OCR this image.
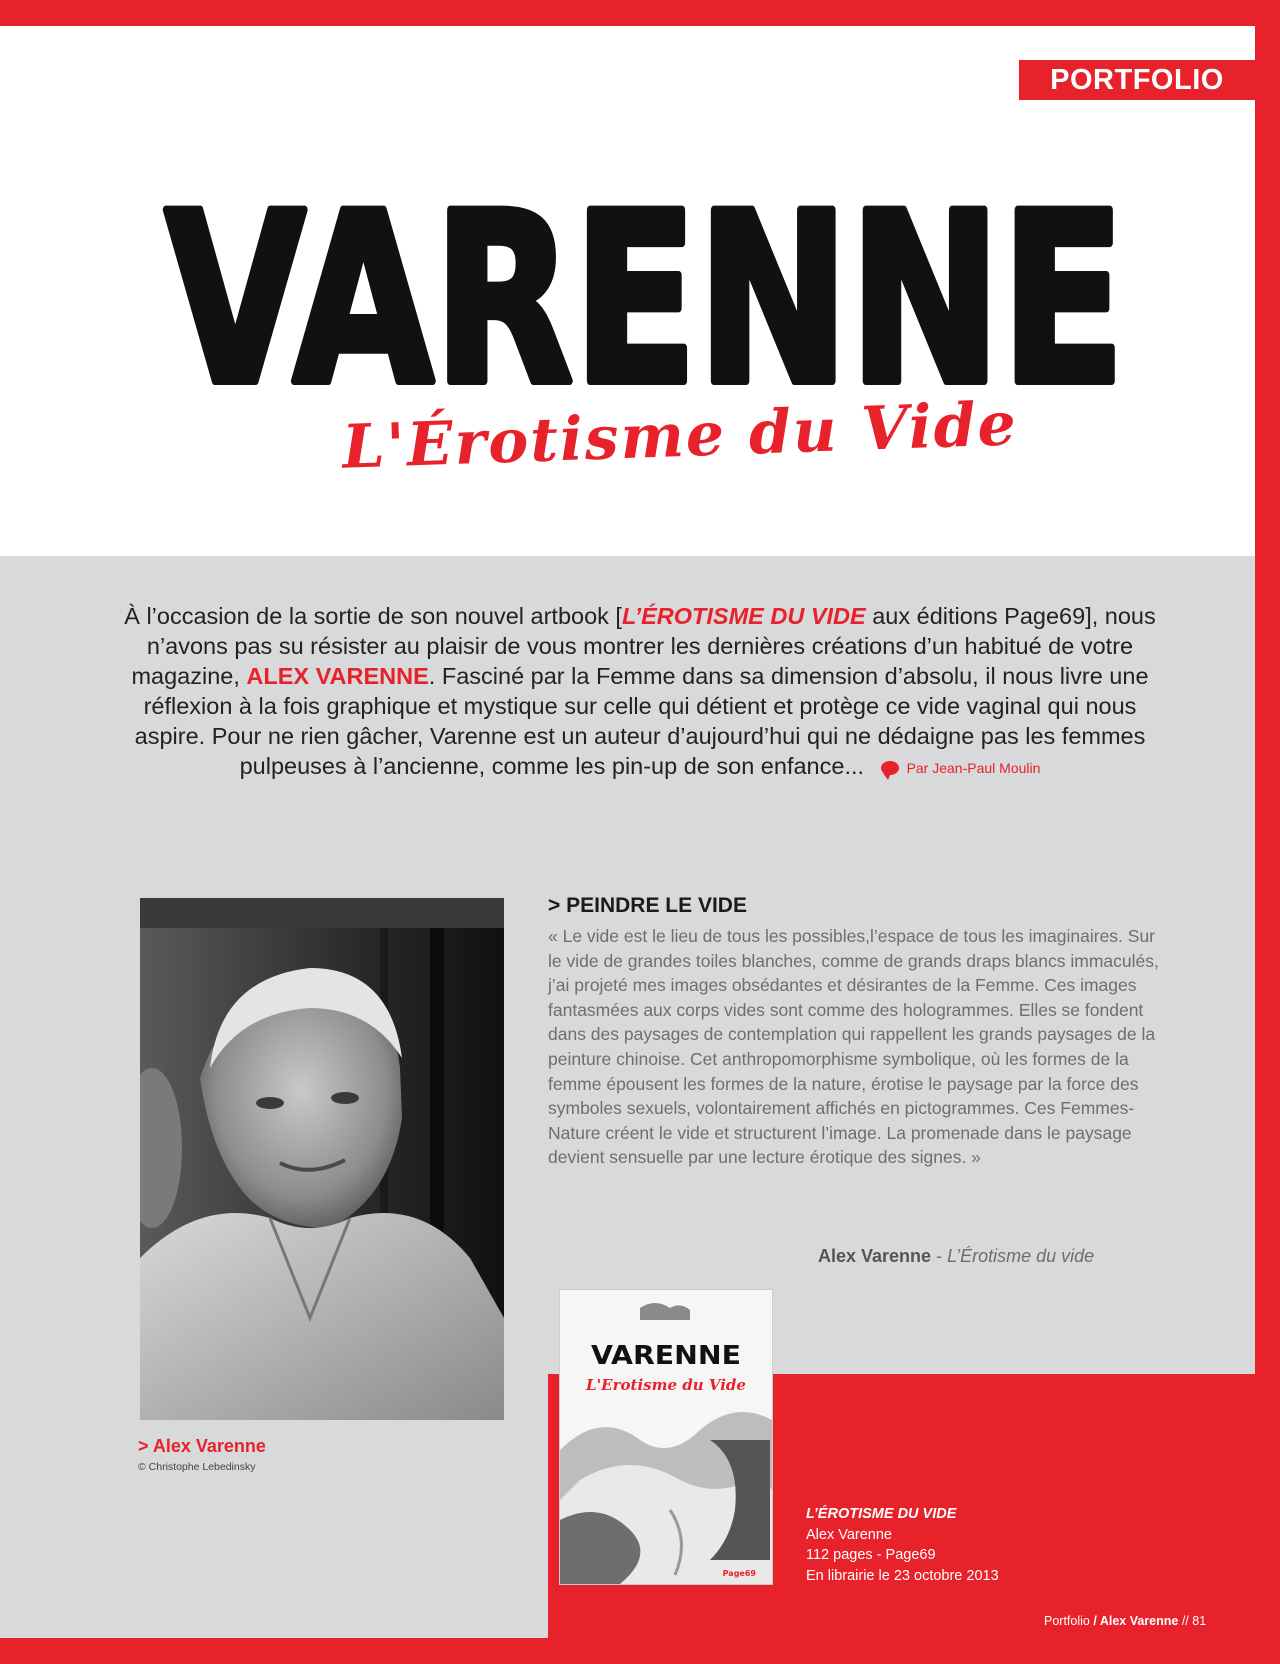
PORTFOLIO
VARENNE
L'Érotisme du Vide
À l’occasion de la sortie de son nouvel artbook [L’ÉROTISME DU VIDE aux éditions Page69], nous n’avons pas su résister au plaisir de vous montrer les dernières créations d’un habitué de votre magazine, ALEX VARENNE. Fasciné par la Femme dans sa dimension d’absolu, il nous livre une réflexion à la fois graphique et mystique sur celle qui détient et protège ce vide vaginal qui nous aspire. Pour ne rien gâcher, Varenne est un auteur d’aujourd’hui qui ne dédaigne pas les femmes pulpeuses à l’ancienne, comme les pin-up de son enfance...	Par Jean-Paul Moulin
> Alex Varenne
© Christophe Lebedinsky
> PEINDRE LE VIDE
« Le vide est le lieu de tous les possibles,l’espace de tous les imaginaires. Sur le vide de grandes toiles blanches, comme de grands draps blancs immaculés, j’ai projeté mes images obsédantes et désirantes de la Femme. Ces images fantasmées aux corps vides sont comme des hologrammes. Elles se fondent dans des paysages de contemplation qui rappellent les grands paysages de la peinture chinoise. Cet anthropomorphisme symbolique, où les formes de la femme épousent les formes de la nature, érotise le paysage par la force des symboles sexuels, volontairement affichés en pictogrammes. Ces Femmes-Nature créent le vide et structurent l’image. La promenade dans le paysage devient sensuelle par une lecture érotique des signes. »
Alex Varenne - L’Érotisme du vide
VARENNE
L'Erotisme du Vide
Page69
L’ÉROTISME DU VIDE
Alex Varenne
112 pages - Page69
En librairie le 23 octobre 2013
Portfolio / Alex Varenne // 81
